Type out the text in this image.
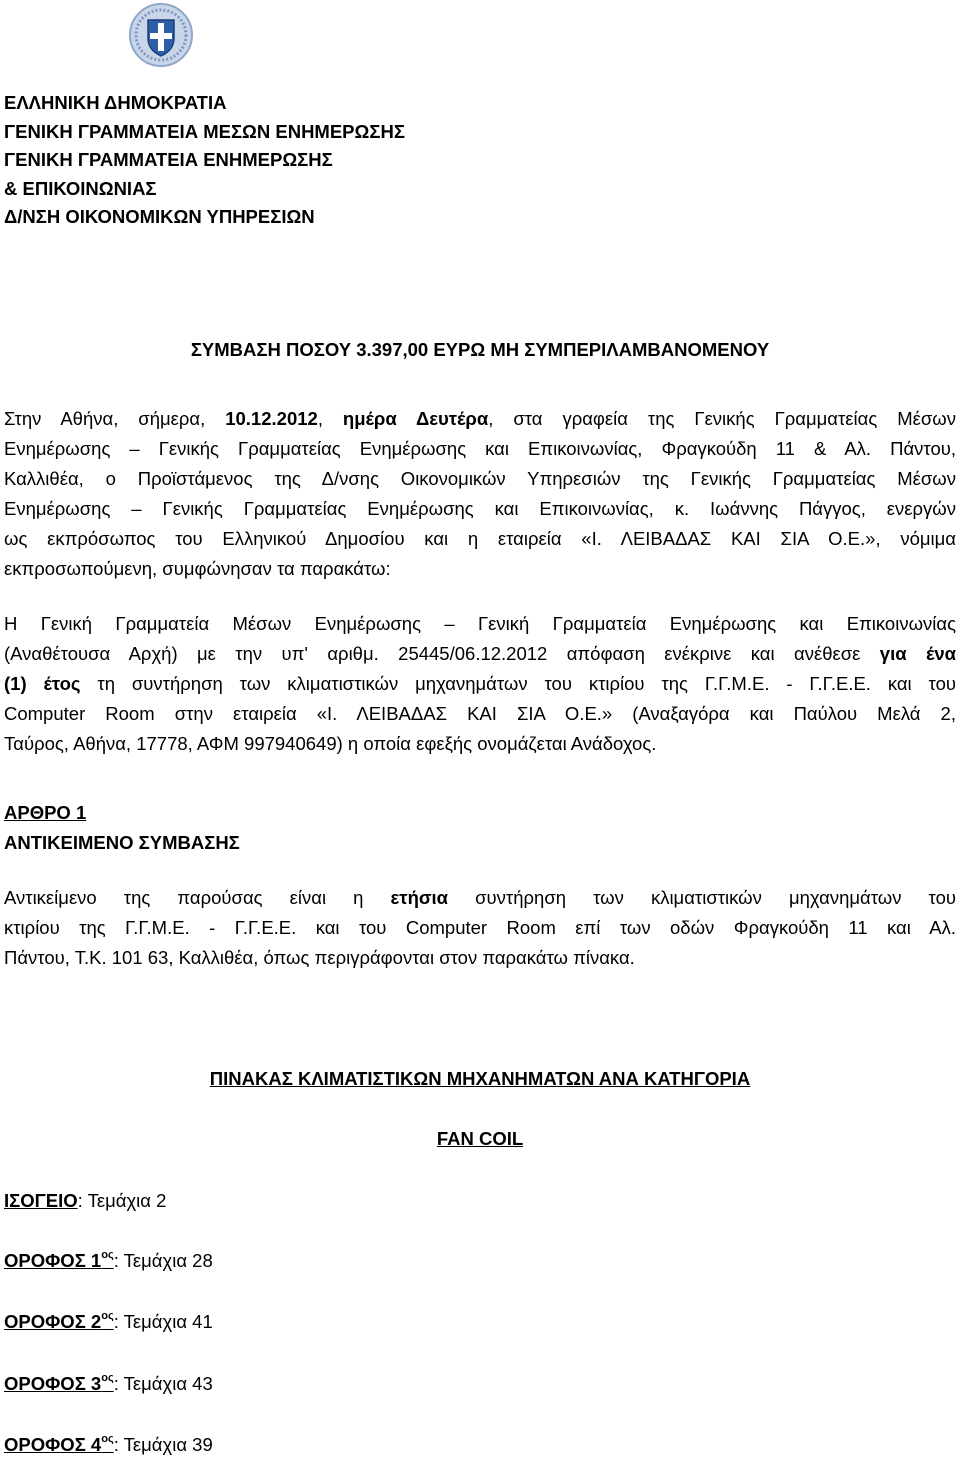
ΕΛΛΗΝΙΚΗ ΔΗΜΟΚΡΑΤΙΑ
ΓΕΝΙΚΗ ΓΡΑΜΜΑΤΕΙΑ ΜΕΣΩΝ ΕΝΗΜΕΡΩΣΗΣ
ΓΕΝΙΚΗ ΓΡΑΜΜΑΤΕΙΑ ΕΝΗΜΕΡΩΣΗΣ
& ΕΠΙΚΟΙΝΩΝΙΑΣ
Δ/ΝΣΗ ΟΙΚΟΝΟΜΙΚΩΝ ΥΠΗΡΕΣΙΩΝ
ΣΥΜΒΑΣΗ ΠΟΣΟΥ 3.397,00 ΕΥΡΩ ΜΗ ΣΥΜΠΕΡΙΛΑΜΒΑΝΟΜΕΝΟΥ
Στην Αθήνα, σήμερα, 10.12.2012, ημέρα Δευτέρα, στα γραφεία της Γενικής Γραμματείας Μέσων
Ενημέρωσης – Γενικής Γραμματείας Ενημέρωσης και Επικοινωνίας, Φραγκούδη 11 & Αλ. Πάντου,
Καλλιθέα, ο Προϊστάμενος της Δ/νσης Οικονομικών Υπηρεσιών της Γενικής Γραμματείας Μέσων
Ενημέρωσης – Γενικής Γραμματείας Ενημέρωσης και Επικοινωνίας, κ. Ιωάννης Πάγγος, ενεργών
ως εκπρόσωπος του Ελληνικού Δημοσίου και η εταιρεία «Ι. ΛΕΙΒΑΔΑΣ ΚΑΙ ΣΙΑ Ο.Ε.», νόμιμα
εκπροσωπούμενη, συμφώνησαν τα παρακάτω:
Η Γενική Γραμματεία Μέσων Ενημέρωσης – Γενική Γραμματεία Ενημέρωσης και Επικοινωνίας
(Αναθέτουσα Αρχή) με την υπ' αριθμ. 25445/06.12.2012 απόφαση ενέκρινε και ανέθεσε για ένα
(1) έτος τη συντήρηση των κλιματιστικών μηχανημάτων του κτιρίου της Γ.Γ.Μ.Ε. - Γ.Γ.Ε.Ε. και του
Computer Room στην εταιρεία «Ι. ΛΕΙΒΑΔΑΣ ΚΑΙ ΣΙΑ Ο.Ε.» (Αναξαγόρα και Παύλου Μελά 2,
Ταύρος, Αθήνα, 17778, ΑΦΜ 997940649) η οποία εφεξής ονομάζεται Ανάδοχος.
ΑΡΘΡΟ 1
ΑΝΤΙΚΕΙΜΕΝΟ ΣΥΜΒΑΣΗΣ
Αντικείμενο της παρούσας είναι η ετήσια συντήρηση των κλιματιστικών μηχανημάτων του
κτιρίου της Γ.Γ.Μ.Ε. - Γ.Γ.Ε.Ε. και του Computer Room επί των οδών Φραγκούδη 11 και Αλ.
Πάντου, Τ.Κ. 101 63, Καλλιθέα, όπως περιγράφονται στον παρακάτω πίνακα.
ΠΙΝΑΚΑΣ ΚΛΙΜΑΤΙΣΤΙΚΩΝ ΜΗΧΑΝΗΜΑΤΩΝ ΑΝΑ ΚΑΤΗΓΟΡΙΑ
FAN COIL
ΙΣΟΓΕΙΟ: Τεμάχια 2
ΟΡΟΦΟΣ $1^{o\varsigma}$: Τεμάχια 28
ΟΡΟΦΟΣ $2^{o\varsigma}$: Τεμάχια 41
ΟΡΟΦΟΣ $3^{o\varsigma}$: Τεμάχια 43
ΟΡΟΦΟΣ $4^{o\varsigma}$: Τεμάχια 39
